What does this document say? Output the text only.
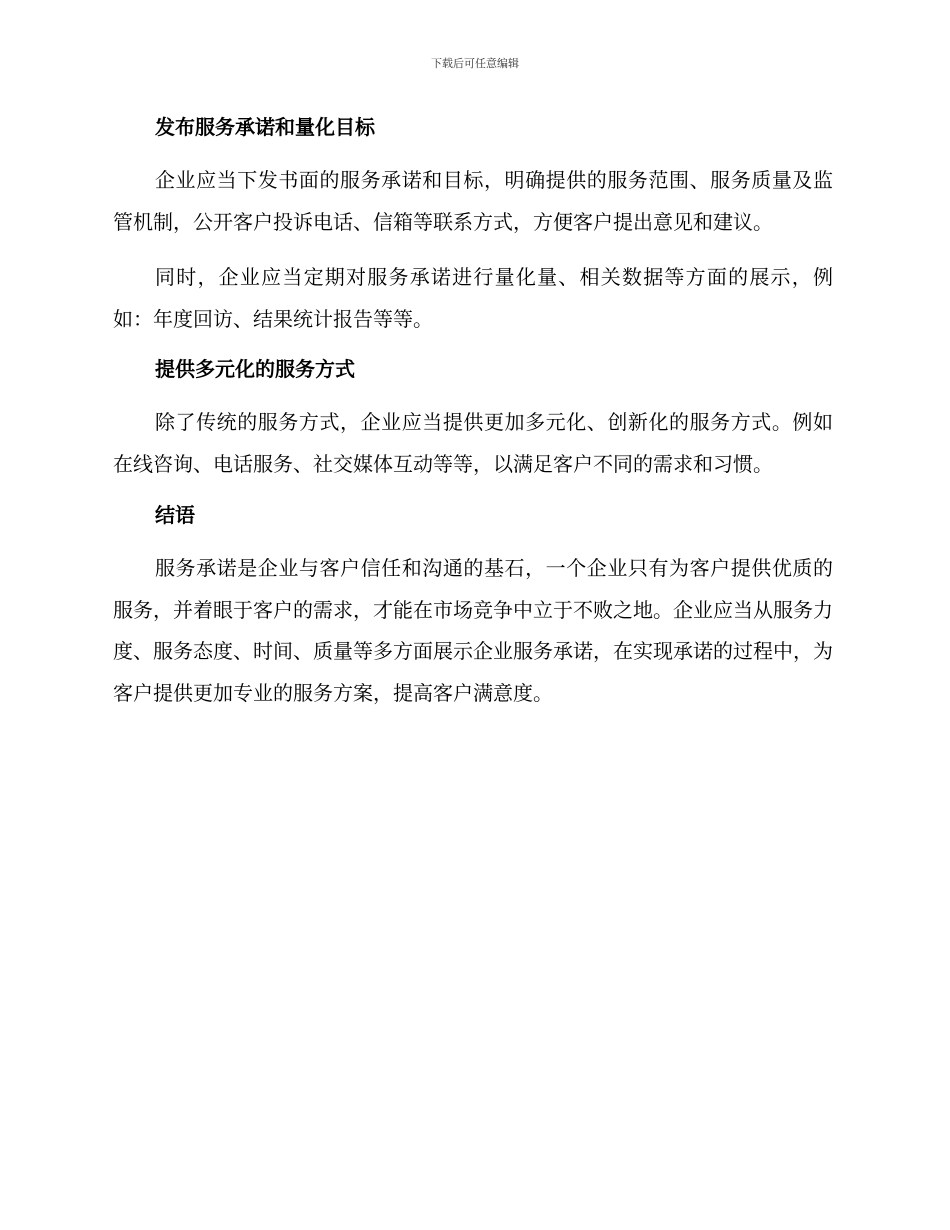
下载后可任意编辑
发布服务承诺和量化目标

企业应当下发书面的服务承诺和目标，明确提供的服务范围、服务质量及监管机制，公开客户投诉电话、信箱等联系方式，方便客户提出意见和建议。

同时，企业应当定期对服务承诺进行量化量、相关数据等方面的展示，例如：年度回访、结果统计报告等等。

提供多元化的服务方式

除了传统的服务方式，企业应当提供更加多元化、创新化的服务方式。例如在线咨询、电话服务、社交媒体互动等等，以满足客户不同的需求和习惯。

结语

服务承诺是企业与客户信任和沟通的基石，一个企业只有为客户提供优质的服务，并着眼于客户的需求，才能在市场竞争中立于不败之地。企业应当从服务力度、服务态度、时间、质量等多方面展示企业服务承诺，在实现承诺的过程中，为客户提供更加专业的服务方案，提高客户满意度。
